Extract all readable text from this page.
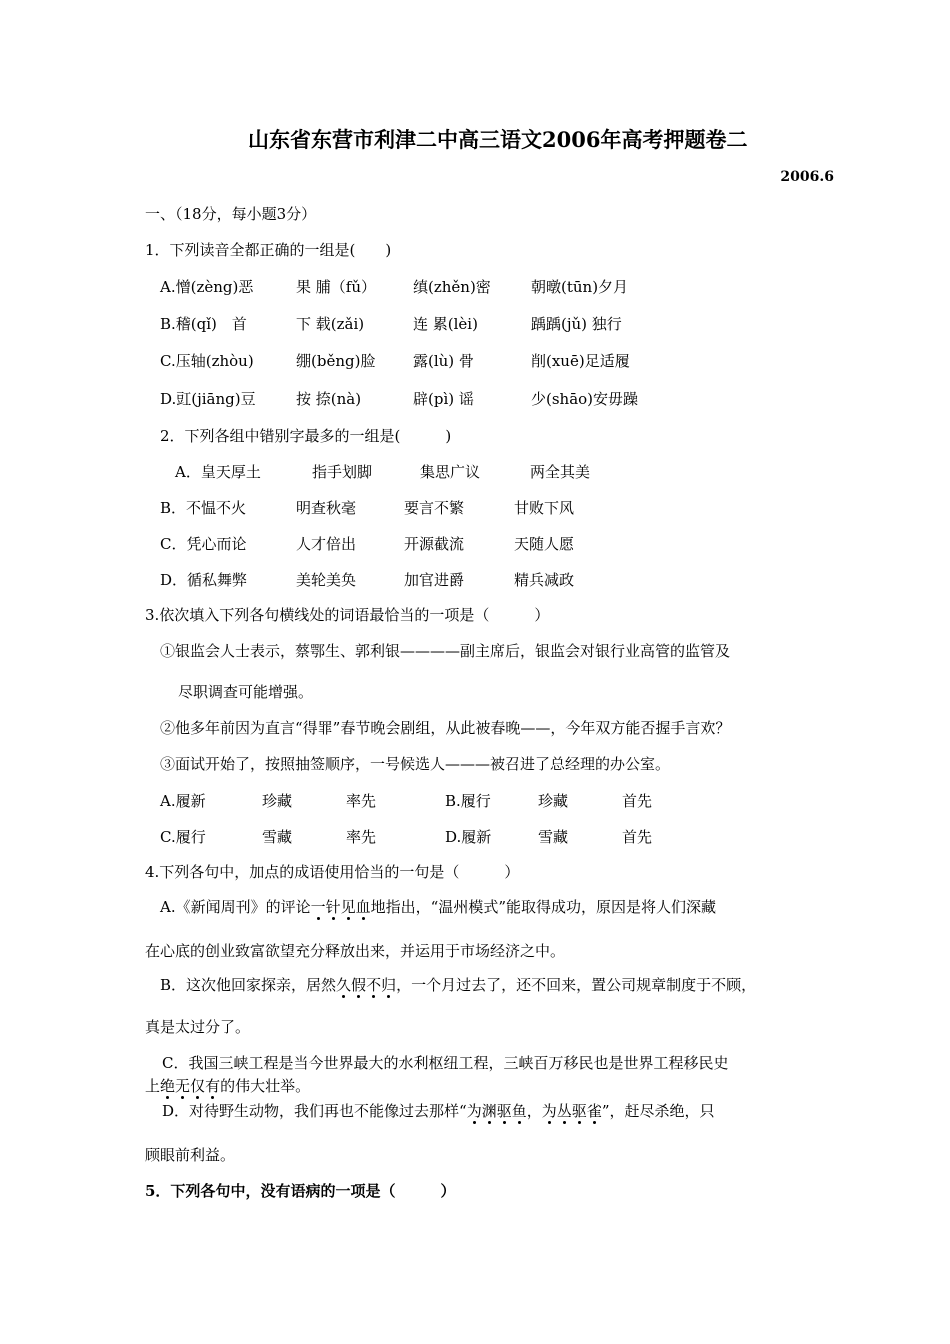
山东省东营市利津二中高三语文2006年高考押题卷二
2006.6
一、（18分，每小题3分）
1．下列读音全都正确的一组是(　　)
A.憎(zèng)恶	果 脯（fǔ） 缜(zhěn)密	朝暾(tūn)夕月
B.稽(qǐ)　首	下 载(zǎi)	连 累(lèi)	踽踽(jǔ) 独行
C.压轴(zhòu)	绷(běng)脸	露(lù) 骨	削(xuē)足适履
D.豇(jiāng)豆	按 捺(nà)	辟(pì) 谣	少(shāo)安毋躁
2．下列各组中错别字最多的一组是(　　　)
A．皇天厚土	指手划脚	集思广议	两全其美
B．不愠不火	明查秋毫	要言不繁	甘败下风
C．凭心而论	人才倍出	开源截流	天随人愿
D．循私舞弊	美轮美奂	加官进爵	精兵减政
3.依次填入下列各句横线处的词语最恰当的一项是（　　　）
①银监会人士表示，蔡鄂生、郭利银————副主席后，银监会对银行业高管的监管及
尽职调查可能增强。
②他多年前因为直言“得罪”春节晚会剧组，从此被春晚——，今年双方能否握手言欢？
③面试开始了，按照抽签顺序，一号候选人———被召进了总经理的办公室。
A.履新	珍藏	率先	B.履行	珍藏	首先
C.履行	雪藏	率先	D.履新	雪藏	首先
4.下列各句中，加点的成语使用恰当的一句是（　　　）
A.《新闻周刊》的评论一针见血地指出，“温州模式”能取得成功，原因是将人们深藏
在心底的创业致富欲望充分释放出来，并运用于市场经济之中。
B．这次他回家探亲，居然久假不归，一个月过去了，还不回来，置公司规章制度于不顾，
真是太过分了。
C．我国三峡工程是当今世界最大的水利枢纽工程，三峡百万移民也是世界工程移民史
上绝无仅有的伟大壮举。
D．对待野生动物，我们再也不能像过去那样“为渊驱鱼，为丛驱雀”，赶尽杀绝，只
顾眼前利益。
5．下列各句中，没有语病的一项是（　　　）
